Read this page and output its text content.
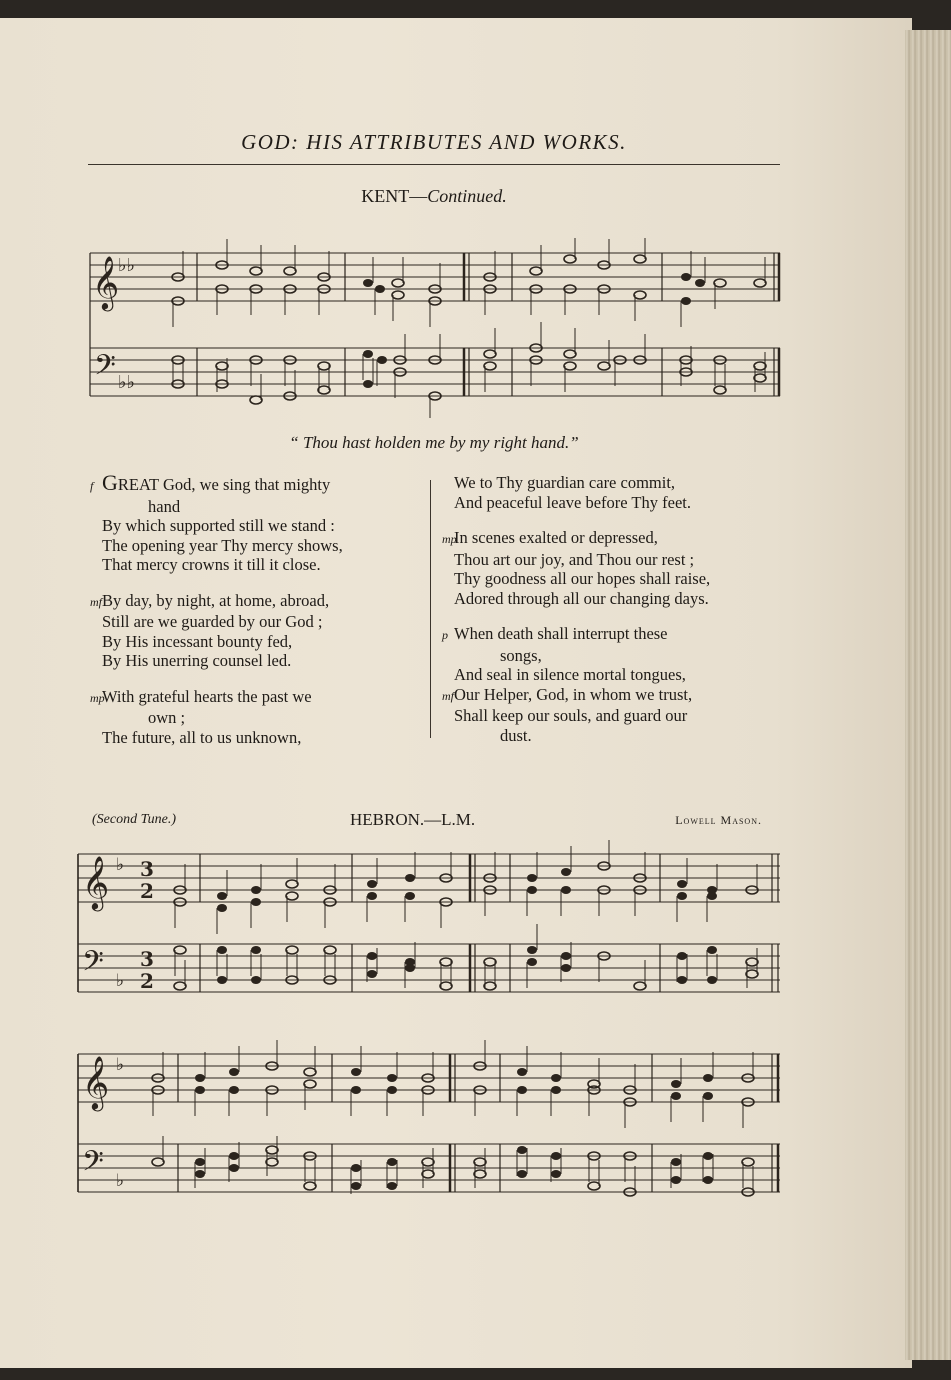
GOD: HIS ATTRIBUTES AND WORKS.
KENT—Continued.
𝄞
𝄢
♭♭
♭♭
“ Thou hast holden me by my right hand.”
f GREAT God, we sing that mighty
hand
By which supported still we stand :
The opening year Thy mercy shows,
That mercy crowns it till it close.
mfBy day, by night, at home, abroad,
Still are we guarded by our God ;
By His incessant bounty fed,
By His unerring counsel led.
mpWith grateful hearts the past we
own ;
The future, all to us unknown,
We to Thy guardian care commit,
And peaceful leave before Thy feet.
mpIn scenes exalted or depressed,
Thou art our joy, and Thou our rest ;
Thy goodness all our hopes shall raise,
Adored through all our changing days.
p When death shall interrupt these
songs,
And seal in silence mortal tongues,
mfOur Helper, God, in whom we trust,
Shall keep our souls, and guard our
dust.
(Second Tune.)	HEBRON.—L.M.	Lowell Mason.
𝄞
𝄢
♭
♭
3
2
3
2
𝄞
𝄢
♭
♭
